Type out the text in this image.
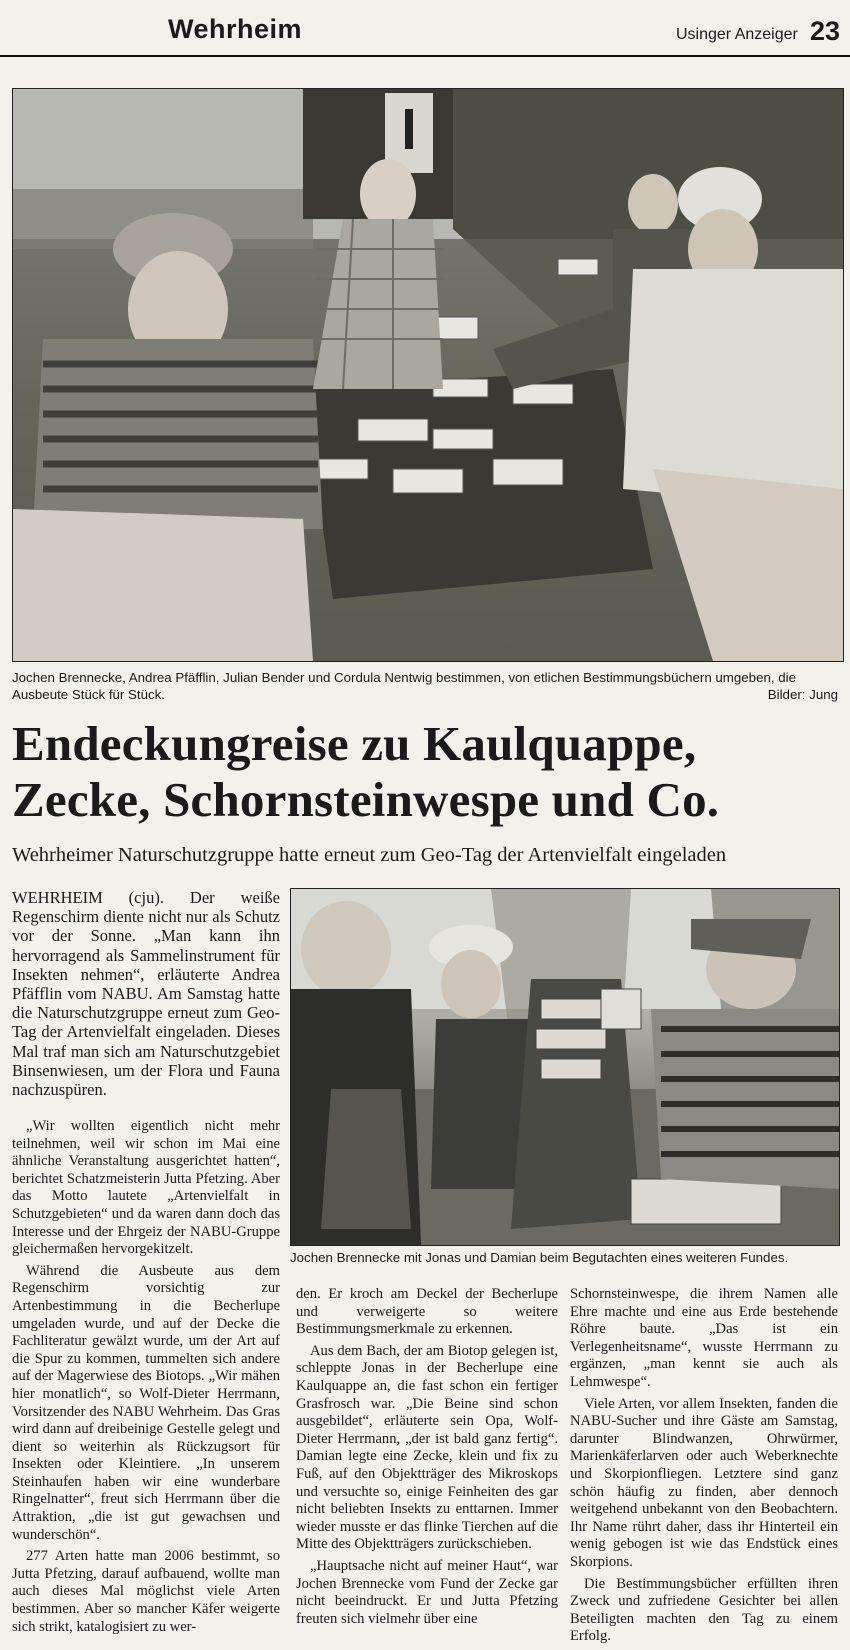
Wehrheim	Usinger Anzeiger 23
Jochen Brennecke, Andrea Pfäfflin, Julian Bender und Cordula Nentwig bestimmen, von etlichen Bestimmungsbüchern umgeben, die Ausbeute Stück für Stück.	Bilder: Jung
Endeckungreise zu Kaulquappe,
Zecke, Schornsteinwespe und Co.
Wehrheimer Naturschutzgruppe hatte erneut zum Geo-Tag der Artenvielfalt eingeladen

WEHRHEIM (cju). Der weiße Regenschirm diente nicht nur als Schutz vor der Sonne. „Man kann ihn hervorragend als Sammelinstrument für Insekten nehmen“, erläuterte Andrea Pfäfflin vom NABU. Am Samstag hatte die Naturschutzgruppe erneut zum Geo-Tag der Artenvielfalt eingeladen. Dieses Mal traf man sich am Naturschutzgebiet Binsenwiesen, um der Flora und Fauna nachzuspüren.

Jochen Brennecke mit Jonas und Damian beim Begutachten eines weiteren Fundes.

„Wir wollten eigentlich nicht mehr teilnehmen, weil wir schon im Mai eine ähnliche Veranstaltung ausgerichtet hatten“, berichtet Schatzmeisterin Jutta Pfetzing. Aber das Motto lautete „Artenvielfalt in Schutzgebieten“ und da waren dann doch das Interesse und der Ehrgeiz der NABU-Gruppe gleichermaßen hervorgekitzelt.

Während die Ausbeute aus dem Regenschirm vorsichtig zur Artenbestimmung in die Becherlupe umgeladen wurde, und auf der Decke die Fachliteratur gewälzt wurde, um der Art auf die Spur zu kommen, tummelten sich andere auf der Magerwiese des Biotops. „Wir mähen hier monatlich“, so Wolf-Dieter Herrmann, Vorsitzender des NABU Wehrheim. Das Gras wird dann auf dreibeinige Gestelle gelegt und dient so weiterhin als Rückzugsort für Insekten oder Kleintiere. „In unserem Steinhaufen haben wir eine wunderbare Ringelnatter“, freut sich Herrmann über die Attraktion, „die ist gut gewachsen und wunderschön“.

277 Arten hatte man 2006 bestimmt, so Jutta Pfetzing, darauf aufbauend, wollte man auch dieses Mal möglichst viele Arten bestimmen. Aber so mancher Käfer weigerte sich strikt, katalogisiert zu wer-

den. Er kroch am Deckel der Becherlupe und verweigerte so weitere Bestimmungsmerkmale zu erkennen.

Aus dem Bach, der am Biotop gelegen ist, schleppte Jonas in der Becherlupe eine Kaulquappe an, die fast schon ein fertiger Grasfrosch war. „Die Beine sind schon ausgebildet“, erläuterte sein Opa, Wolf-Dieter Herrmann, „der ist bald ganz fertig“. Damian legte eine Zecke, klein und fix zu Fuß, auf den Objektträger des Mikroskops und versuchte so, einige Feinheiten des gar nicht beliebten Insekts zu enttarnen. Immer wieder musste er das flinke Tierchen auf die Mitte des Objektträgers zurückschieben.

„Hauptsache nicht auf meiner Haut“, war Jochen Brennecke vom Fund der Zecke gar nicht beeindruckt. Er und Jutta Pfetzing freuten sich vielmehr über eine

Schornsteinwespe, die ihrem Namen alle Ehre machte und eine aus Erde bestehende Röhre baute. „Das ist ein Verlegenheitsname“, wusste Herrmann zu ergänzen, „man kennt sie auch als Lehmwespe“.

Viele Arten, vor allem Insekten, fanden die NABU-Sucher und ihre Gäste am Samstag, darunter Blindwanzen, Ohrwürmer, Marienkäferlarven oder auch Weberknechte und Skorpionfliegen. Letztere sind ganz schön häufig zu finden, aber dennoch weitgehend unbekannt von den Beobachtern. Ihr Name rührt daher, dass ihr Hinterteil ein wenig gebogen ist wie das Endstück eines Skorpions.

Die Bestimmungsbücher erfüllten ihren Zweck und zufriedene Gesichter bei allen Beteiligten machten den Tag zu einem Erfolg.
